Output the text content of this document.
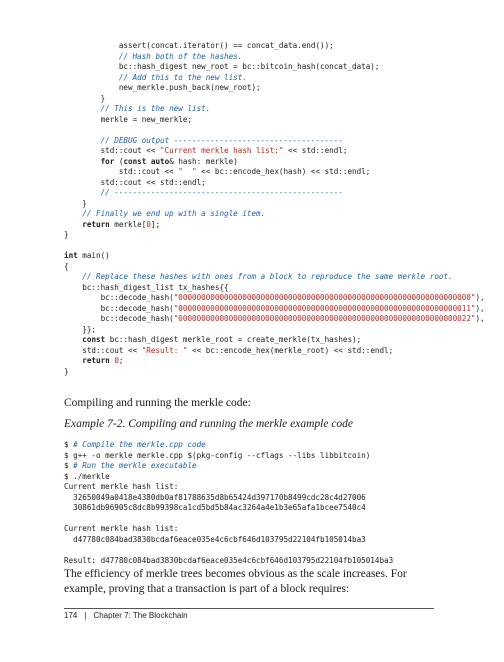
assert(concat.iterator() == concat_data.end());
// Hash both of the hashes.
bc::hash_digest new_root = bc::bitcoin_hash(concat_data);
// Add this to the new list.
new_merkle.push_back(new_root);
}
// This is the new list.
merkle = new_merkle;
// DEBUG output -------------------------------------
std::cout << "Current merkle hash list:" << std::endl;
for (const auto& hash: merkle)
std::cout << "  " << bc::encode_hex(hash) << std::endl;
std::cout << std::endl;
// --------------------------------------------------
}
// Finally we end up with a single item.
return merkle[0];
}
int main()
{
// Replace these hashes with ones from a block to reproduce the same merkle root.
bc::hash_digest_list tx_hashes{{
bc::decode_hash("0000000000000000000000000000000000000000000000000000000000000000"),
bc::decode_hash("0000000000000000000000000000000000000000000000000000000000000011"),
bc::decode_hash("0000000000000000000000000000000000000000000000000000000000000022"),
}};
const bc::hash_digest merkle_root = create_merkle(tx_hashes);
std::cout << "Result: " << bc::encode_hex(merkle_root) << std::endl;
return 0;
}

Compiling and running the merkle code:

Example 7-2. Compiling and running the merkle example code

$ # Compile the merkle.cpp code
$ g++ -o merkle merkle.cpp $(pkg-config --cflags --libs libbitcoin)
$ # Run the merkle executable
$ ./merkle
Current merkle hash list:
32650049a0418e4380db0af81788635d8b65424d397170b8499cdc28c4d27006
30861db96905c8dc8b99398ca1cd5bd5b84ac3264a4e1b3e65afa1bcee7540c4
Current merkle hash list:
d47780c084bad3830bcdaf6eace035e4c6cbf646d103795d22104fb105014ba3
Result: d47780c084bad3830bcdaf6eace035e4c6cbf646d103795d22104fb105014ba3

The efficiency of merkle trees becomes obvious as the scale increases. For example, proving that a transaction is part of a block requires:

174 | Chapter 7: The Blockchain
